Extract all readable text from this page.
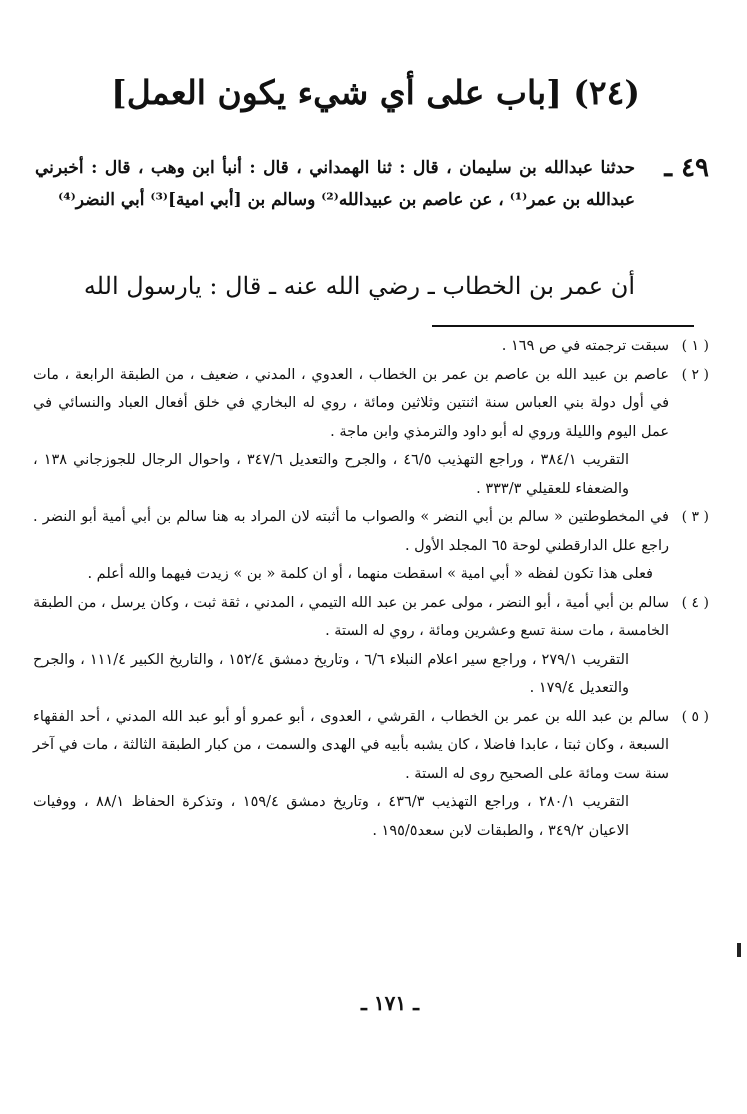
(٢٤) [باب على أي شيء يكون العمل]
٤٩ ـ
حدثنا عبدالله بن سليمان ، قال : ثنا الهمداني ، قال : أنبأ ابن وهب ، قال : أخبرني عبدالله بن عمر⁽¹⁾ ، عن عاصم بن عبيدالله⁽²⁾ وسالم بن [أبي امية]⁽³⁾ أبي النضر⁽⁴⁾
أن عمر بن الخطاب ـ رضي الله عنه ـ قال : يارسول الله
( ١ )

سبقت ترجمته في ص ١٦٩ .

( ٢ )

عاصم بن عبيد الله بن عاصم بن عمر بن الخطاب ، العدوي ، المدني ، ضعيف ، من الطبقة الرابعة ، مات في أول دولة بني العباس سنة اثنتين وثلاثين ومائة ، روي له البخاري في خلق أفعال العباد والنسائي في عمل اليوم والليلة وروي له أبو داود والترمذي وابن ماجة .

التقريب ٣٨٤/١ ، وراجع التهذيب ٤٦/٥ ، والجرح والتعديل ٣٤٧/٦ ، واحوال الرجال للجوزجاني ١٣٨ ، والضعفاء للعقيلي ٣٣٣/٣ .

( ٣ )

في المخطوطتين « سالم بن أبي النضر » والصواب ما أثبته لان المراد به هنا سالم بن أبي أمية أبو النضر . راجع علل الدارقطني لوحة ٦٥ المجلد الأول .

فعلى هذا تكون لفظه « أبي امية » اسقطت منهما ، أو ان كلمة « بن » زيدت فيهما والله أعلم .

( ٤ )

سالم بن أبي أمية ، أبو النضر ، مولى عمر بن عبد الله التيمي ، المدني ، ثقة ثبت ، وكان يرسل ، من الطبقة الخامسة ، مات سنة تسع وعشرين ومائة ، روي له الستة .

التقريب ٢٧٩/١ ، وراجع سير اعلام النبلاء ٦/٦ ، وتاريخ دمشق ١٥٢/٤ ، والتاريخ الكبير ١١١/٤ ، والجرح والتعديل ١٧٩/٤ .

( ٥ )

سالم بن عبد الله بن عمر بن الخطاب ، القرشي ، العدوى ، أبو عمرو أو أبو عبد الله المدني ، أحد الفقهاء السبعة ، وكان ثبتا ، عابدا فاضلا ، كان يشبه بأبيه في الهدى والسمت ، من كبار الطبقة الثالثة ، مات في آخر سنة ست ومائة على الصحيح روى له الستة .

التقريب ٢٨٠/١ ، وراجع التهذيب ٤٣٦/٣ ، وتاريخ دمشق ١٥٩/٤ ، وتذكرة الحفاظ ٨٨/١ ، ووفيات الاعيان ٣٤٩/٢ ، والطبقات لابن سعد١٩٥/٥ .

ـ ١٧١ ـ
